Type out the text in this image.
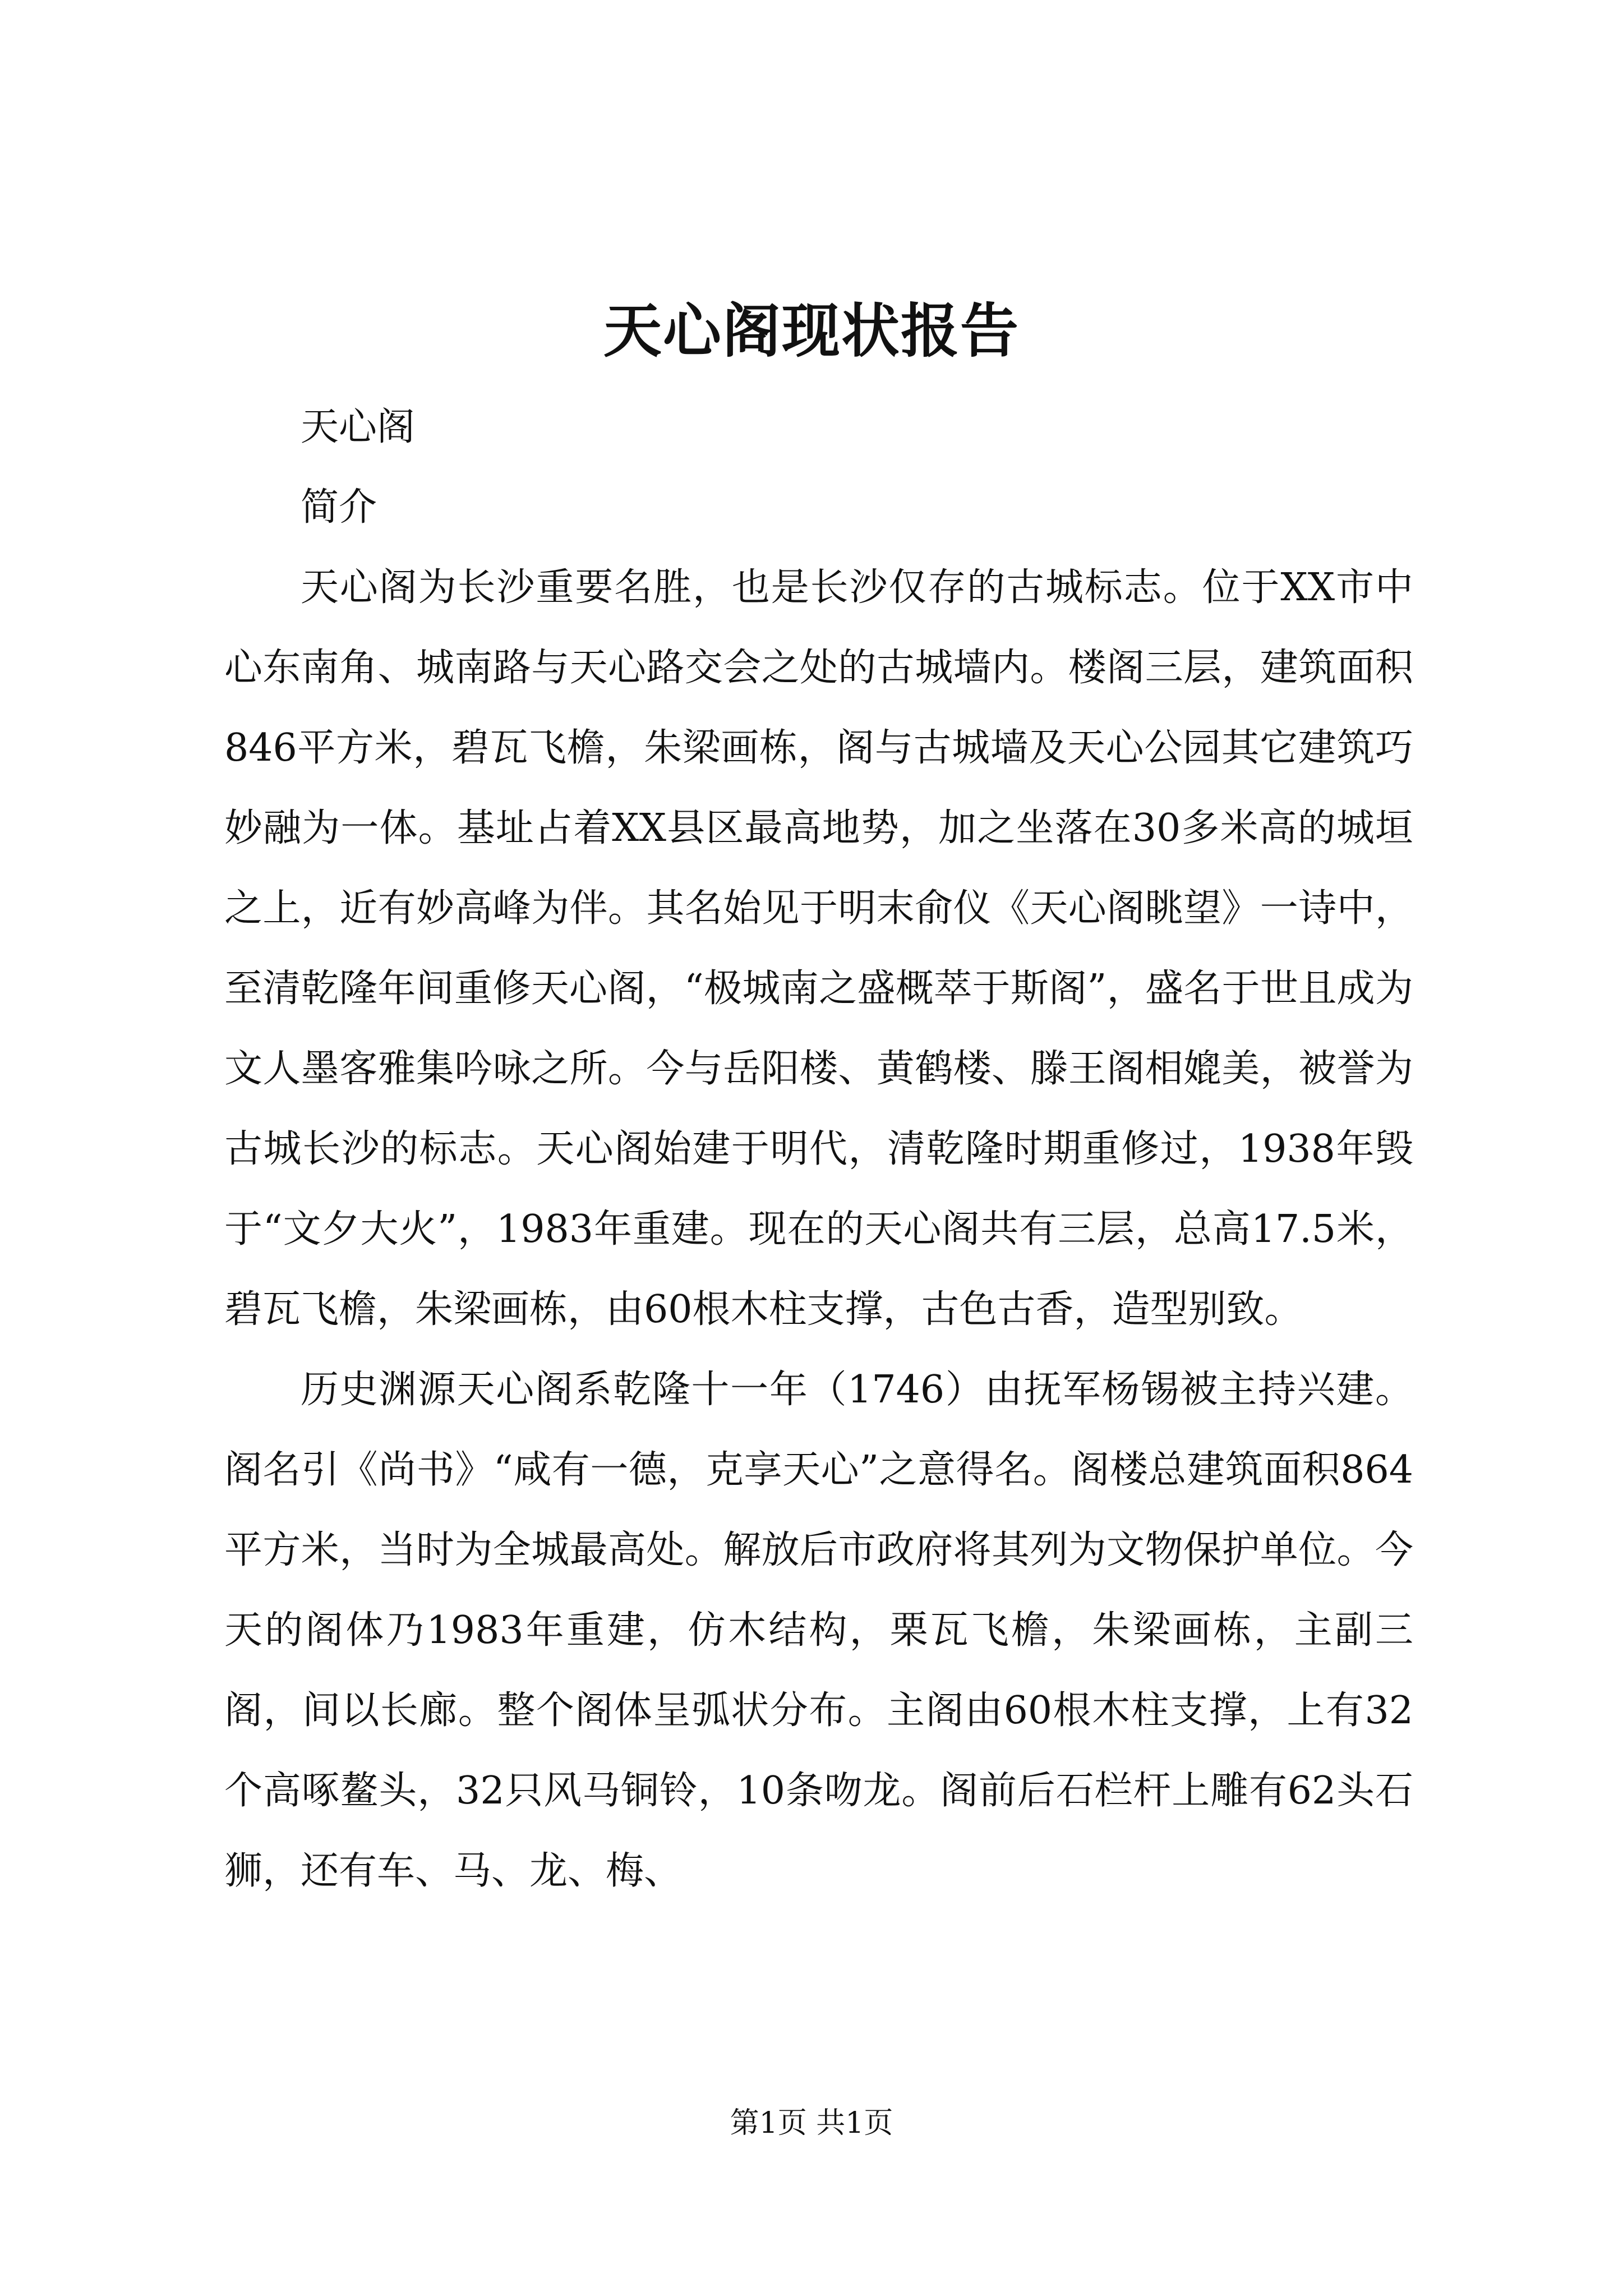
天心阁现状报告

天心阁

简介

天心阁为长沙重要名胜，也是长沙仅存的古城标志。位于XX市中心东南角、城南路与天心路交会之处的古城墙内。楼阁三层，建筑面积846平方米，碧瓦飞檐，朱梁画栋，阁与古城墙及天心公园其它建筑巧妙融为一体。基址占着XX县区最高地势，加之坐落在30多米高的城垣之上，近有妙高峰为伴。其名始见于明末俞仪《天心阁眺望》一诗中，至清乾隆年间重修天心阁，“极城南之盛概萃于斯阁”，盛名于世且成为文人墨客雅集吟咏之所。今与岳阳楼、黄鹤楼、滕王阁相媲美，被誉为古城长沙的标志。天心阁始建于明代，清乾隆时期重修过，1938年毁于“文夕大火”，1983年重建。现在的天心阁共有三层，总高17.5米，碧瓦飞檐，朱梁画栋，由60根木柱支撑，古色古香，造型别致。

历史渊源天心阁系乾隆十一年（1746）由抚军杨锡被主持兴建。阁名引《尚书》“咸有一德，克享天心”之意得名。阁楼总建筑面积864平方米，当时为全城最高处。解放后市政府将其列为文物保护单位。今天的阁体乃1983年重建，仿木结构，栗瓦飞檐，朱梁画栋，主副三阁，间以长廊。整个阁体呈弧状分布。主阁由60根木柱支撑，上有32个高啄鳌头，32只风马铜铃，10条吻龙。阁前后石栏杆上雕有62头石狮，还有车、马、龙、梅、

第1页 共1页
